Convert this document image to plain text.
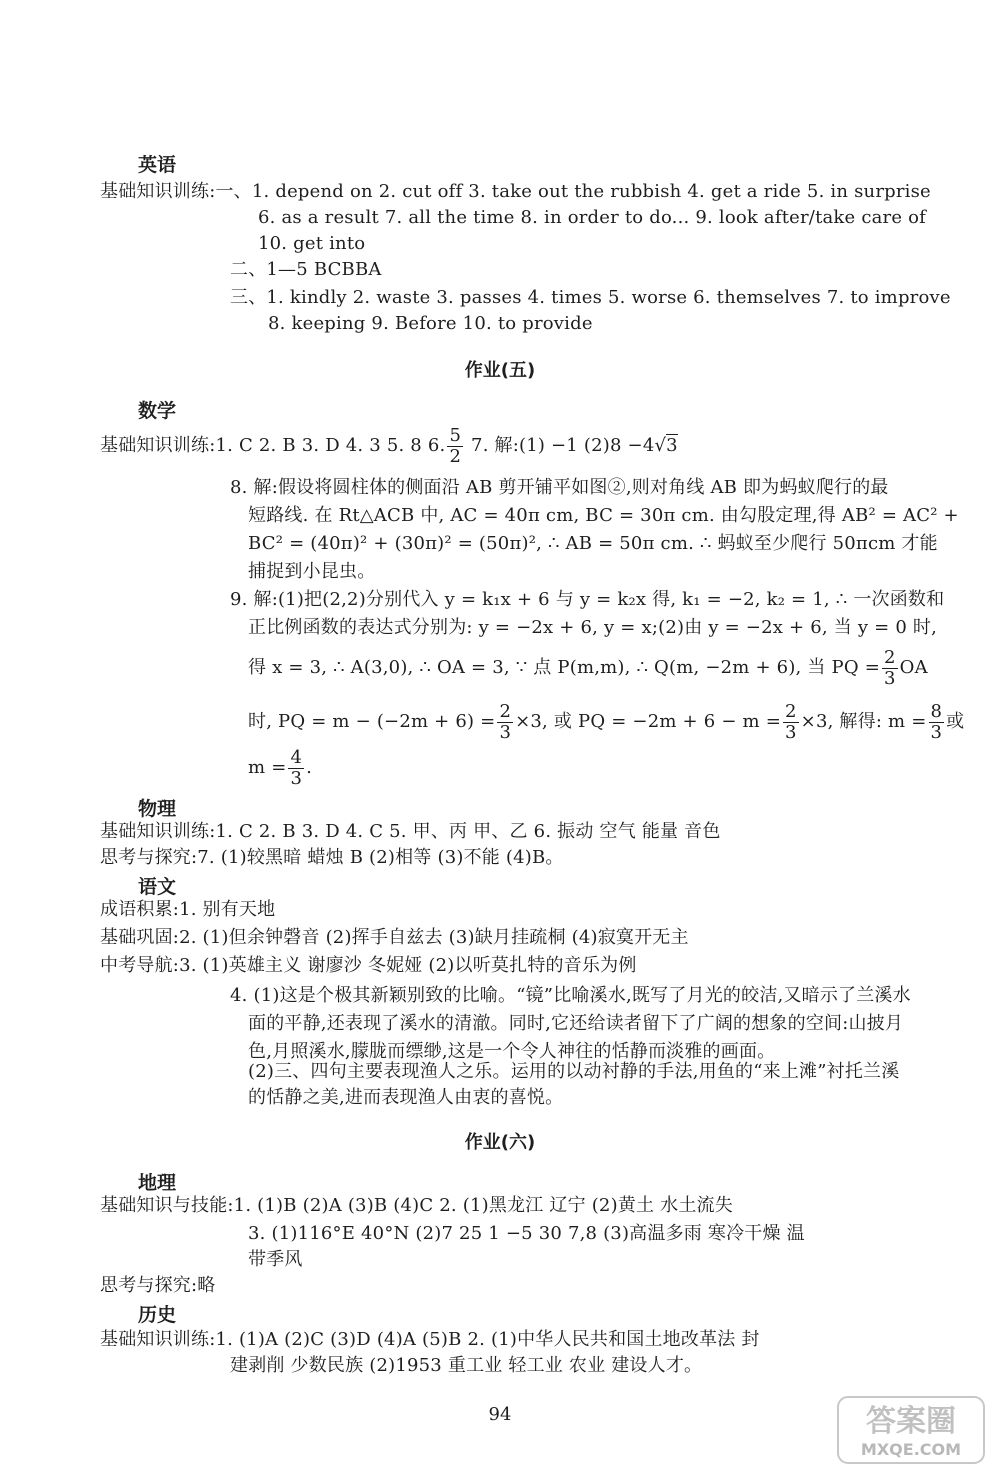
英语
基础知识训练:一、1. depend on 2. cut off 3. take out the rubbish 4. get a ride 5. in surprise
6. as a result 7. all the time 8. in order to do... 9. look after/take care of
10. get into
二、1—5 BCBBA
三、1. kindly 2. waste 3. passes 4. times 5. worse 6. themselves 7. to improve
8. keeping 9. Before 10. to provide
作业(五)
数学
基础知识训练:1. C 2. B 3. D 4. 3 5. 8 6. $\frac{5}{2} 7$. 解:(1) −1 (2)8 −4√3
8. 解:假设将圆柱体的侧面沿 AB 剪开铺平如图②,则对角线 AB 即为蚂蚁爬行的最
短路线. 在 Rt△ACB 中, AC = 40π cm, BC = 30π cm. 由勾股定理,得 AB² = AC² +
BC² = (40π)² + (30π)² = (50π)², ∴ AB = 50π cm. ∴ 蚂蚁至少爬行 50πcm 才能
捕捉到小昆虫。
9. 解:(1)把(2,2)分别代入 y = k₁x + 6 与 y = k₂x 得, k₁ = −2, k₂ = 1, ∴ 一次函数和
正比例函数的表达式分别为: y = −2x + 6, y = x;(2)由 y = −2x + 6, 当 y = 0 时,
得 x = 3, ∴ A(3,0), ∴ OA = 3, ∵ 点 P(m,m), ∴ Q(m, −2m + 6), 当 PQ = $\frac{2}{3}$ OA
时, PQ = $m - (-2m + 6) = \frac{2}{3} \times 3$, 或 PQ = $-2m + 6 - m = \frac{2}{3} \times 3$, 解得: $m = \frac{8}{3}$ 或
$m = \frac{4}{3}$ .
物理
基础知识训练:1. C 2. B 3. D 4. C 5. 甲、丙 甲、乙 6. 振动 空气 能量 音色
思考与探究:7. (1)较黑暗 蜡烛 B (2)相等 (3)不能 (4)B。
语文
成语积累:1. 别有天地
基础巩固:2. (1)但余钟磬音 (2)挥手自兹去 (3)缺月挂疏桐 (4)寂寞开无主
中考导航:3. (1)英雄主义 谢廖沙 冬妮娅 (2)以听莫扎特的音乐为例
4. (1)这是个极其新颖别致的比喻。“镜”比喻溪水,既写了月光的皎洁,又暗示了兰溪水
面的平静,还表现了溪水的清澈。同时,它还给读者留下了广阔的想象的空间:山披月
色,月照溪水,朦胧而缥缈,这是一个令人神往的恬静而淡雅的画面。
(2)三、四句主要表现渔人之乐。运用的以动衬静的手法,用鱼的“来上滩”衬托兰溪
的恬静之美,进而表现渔人由衷的喜悦。
作业(六)
地理
基础知识与技能:1. (1)B (2)A (3)B (4)C 2. (1)黑龙江 辽宁 (2)黄土 水土流失
3. (1)116°E 40°N (2)7 25 1 −5 30 7,8 (3)高温多雨 寒冷干燥 温
带季风
思考与探究:略
历史
基础知识训练:1. (1)A (2)C (3)D (4)A (5)B 2. (1)中华人民共和国土地改革法 封
建剥削 少数民族 (2)1953 重工业 轻工业 农业 建设人才。
94	答案圈
MXQE.COM
